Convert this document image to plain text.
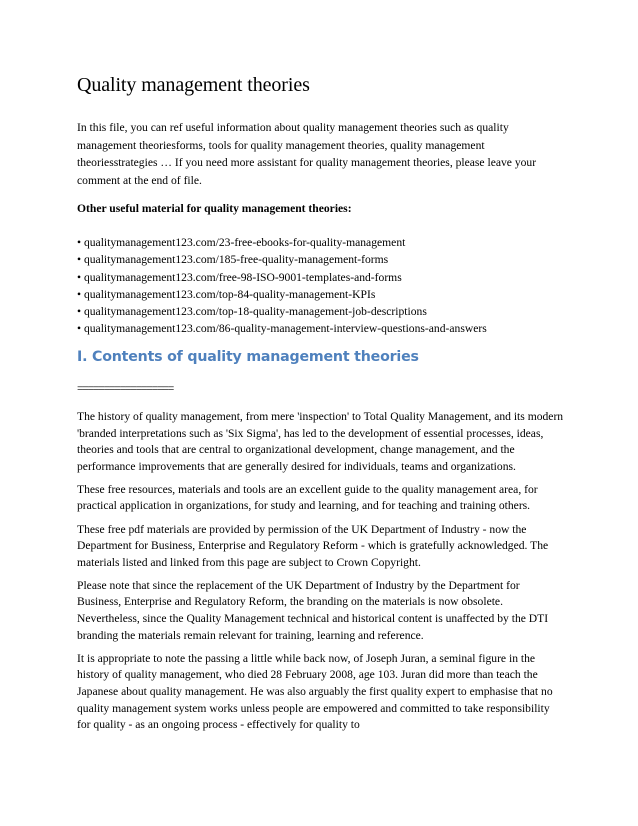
Quality management theories

In this file, you can ref useful information about quality management theories such as quality management theoriesforms, tools for quality management theories, quality management theoriesstrategies … If you need more assistant for quality management theories, please leave your comment at the end of file.

Other useful material for quality management theories:

• qualitymanagement123.com/23-free-ebooks-for-quality-management
• qualitymanagement123.com/185-free-quality-management-forms
• qualitymanagement123.com/free-98-ISO-9001-templates-and-forms
• qualitymanagement123.com/top-84-quality-management-KPIs
• qualitymanagement123.com/top-18-quality-management-job-descriptions
• qualitymanagement123.com/86-quality-management-interview-questions-and-answers
I. Contents of quality management theories

==================

The history of quality management, from mere 'inspection' to Total Quality Management, and its modern 'branded interpretations such as 'Six Sigma', has led to the development of essential processes, ideas, theories and tools that are central to organizational development, change management, and the performance improvements that are generally desired for individuals, teams and organizations.

These free resources, materials and tools are an excellent guide to the quality management area, for practical application in organizations, for study and learning, and for teaching and training others.

These free pdf materials are provided by permission of the UK Department of Industry - now the Department for Business, Enterprise and Regulatory Reform - which is gratefully acknowledged. The materials listed and linked from this page are subject to Crown Copyright.

Please note that since the replacement of the UK Department of Industry by the Department for Business, Enterprise and Regulatory Reform, the branding on the materials is now obsolete. Nevertheless, since the Quality Management technical and historical content is unaffected by the DTI branding the materials remain relevant for training, learning and reference.

It is appropriate to note the passing a little while back now, of Joseph Juran, a seminal figure in the history of quality management, who died 28 February 2008, age 103. Juran did more than teach the Japanese about quality management. He was also arguably the first quality expert to emphasise that no quality management system works unless people are empowered and committed to take responsibility for quality - as an ongoing process - effectively for quality to
